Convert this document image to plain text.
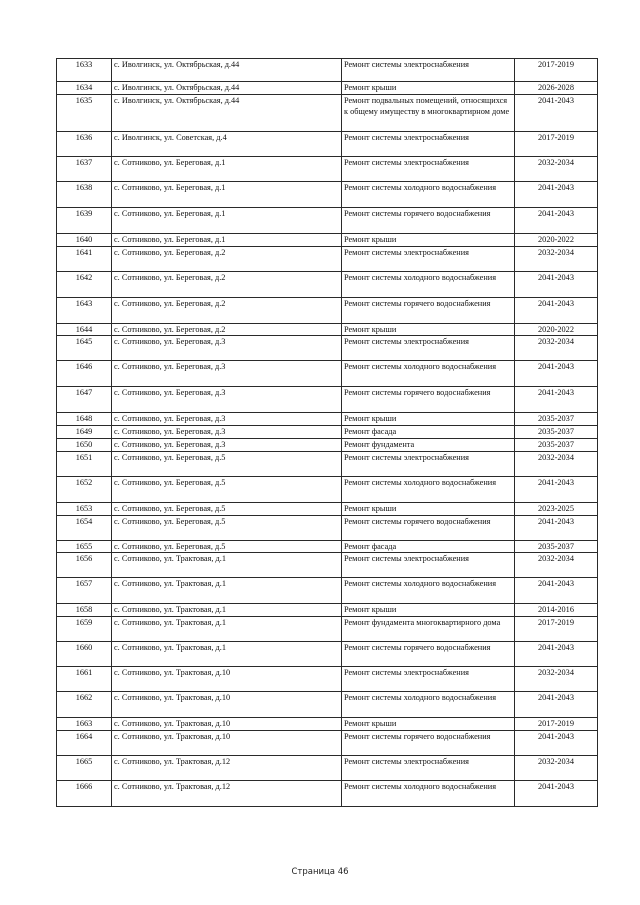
1633	с. Иволгинск, ул. Октябрьская, д.44	Ремонт системы электроснабжения	2017-2019
1634	с. Иволгинск, ул. Октябрьская, д.44	Ремонт крыши	2026-2028
1635	с. Иволгинск, ул. Октябрьская, д.44	Ремонт подвальных помещений, относящихся к общему имуществу в многоквартирном доме	2041-2043
1636	с. Иволгинск, ул. Советская, д.4	Ремонт системы электроснабжения	2017-2019
1637	с. Сотниково, ул. Береговая, д.1	Ремонт системы электроснабжения	2032-2034
1638	с. Сотниково, ул. Береговая, д.1	Ремонт системы холодного водоснабжения	2041-2043
1639	с. Сотниково, ул. Береговая, д.1	Ремонт системы горячего водоснабжения	2041-2043
1640	с. Сотниково, ул. Береговая, д.1	Ремонт крыши	2020-2022
1641	с. Сотниково, ул. Береговая, д.2	Ремонт системы электроснабжения	2032-2034
1642	с. Сотниково, ул. Береговая, д.2	Ремонт системы холодного водоснабжения	2041-2043
1643	с. Сотниково, ул. Береговая, д.2	Ремонт системы горячего водоснабжения	2041-2043
1644	с. Сотниково, ул. Береговая, д.2	Ремонт крыши	2020-2022
1645	с. Сотниково, ул. Береговая, д.3	Ремонт системы электроснабжения	2032-2034
1646	с. Сотниково, ул. Береговая, д.3	Ремонт системы холодного водоснабжения	2041-2043
1647	с. Сотниково, ул. Береговая, д.3	Ремонт системы горячего водоснабжения	2041-2043
1648	с. Сотниково, ул. Береговая, д.3	Ремонт крыши	2035-2037
1649	с. Сотниково, ул. Береговая, д.3	Ремонт фасада	2035-2037
1650	с. Сотниково, ул. Береговая, д.3	Ремонт фундамента	2035-2037
1651	с. Сотниково, ул. Береговая, д.5	Ремонт системы электроснабжения	2032-2034
1652	с. Сотниково, ул. Береговая, д.5	Ремонт системы холодного водоснабжения	2041-2043
1653	с. Сотниково, ул. Береговая, д.5	Ремонт крыши	2023-2025
1654	с. Сотниково, ул. Береговая, д.5	Ремонт системы горячего водоснабжения	2041-2043
1655	с. Сотниково, ул. Береговая, д.5	Ремонт фасада	2035-2037
1656	с. Сотниково, ул. Трактовая, д.1	Ремонт системы электроснабжения	2032-2034
1657	с. Сотниково, ул. Трактовая, д.1	Ремонт системы холодного водоснабжения	2041-2043
1658	с. Сотниково, ул. Трактовая, д.1	Ремонт крыши	2014-2016
1659	с. Сотниково, ул. Трактовая, д.1	Ремонт фундамента многоквартирного дома	2017-2019
1660	с. Сотниково, ул. Трактовая, д.1	Ремонт системы горячего водоснабжения	2041-2043
1661	с. Сотниково, ул. Трактовая, д.10	Ремонт системы электроснабжения	2032-2034
1662	с. Сотниково, ул. Трактовая, д.10	Ремонт системы холодного водоснабжения	2041-2043
1663	с. Сотниково, ул. Трактовая, д.10	Ремонт крыши	2017-2019
1664	с. Сотниково, ул. Трактовая, д.10	Ремонт системы горячего водоснабжения	2041-2043
1665	с. Сотниково, ул. Трактовая, д.12	Ремонт системы электроснабжения	2032-2034
1666	с. Сотниково, ул. Трактовая, д.12	Ремонт системы холодного водоснабжения	2041-2043
Страница 46
